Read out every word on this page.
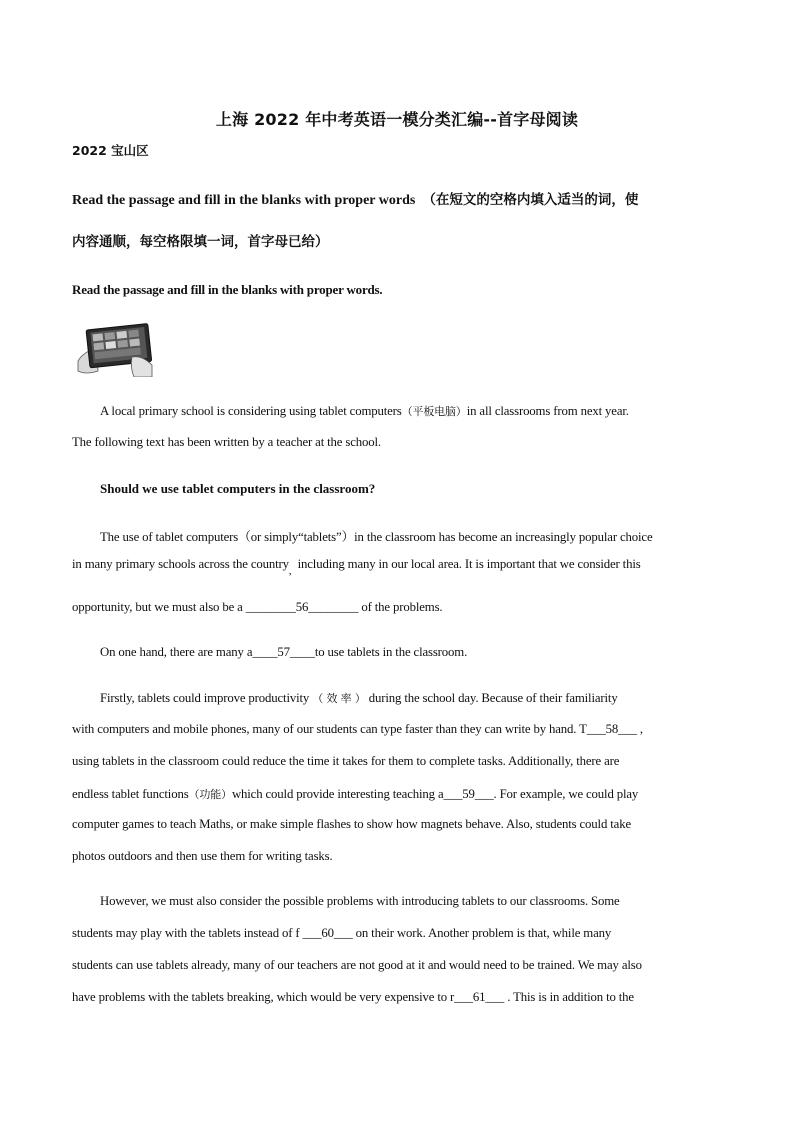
上海 2022 年中考英语一模分类汇编--首字母阅读
2022 宝山区
Read the passage and fill in the blanks with proper words （在短文的空格内填入适当的词，使
内容通顺，每空格限填一词，首字母已给）
Read the passage and fill in the blanks with proper words.
A local primary school is considering using tablet computers（平板电脑）in all classrooms from next year.
The following text has been written by a teacher at the school.
Should we use tablet computers in the classroom?
The use of tablet computers（or simply“tablets”）in the classroom has become an increasingly popular choice
in many primary schools across the country, including many in our local area. It is important that we consider this
opportunity, but we must also be a ________56________ of the problems.
On one hand, there are many a____57____to use tablets in the classroom.
Firstly, tablets could improve productivity （ 效 率 ） during the school day. Because of their familiarity
with computers and mobile phones, many of our students can type faster than they can write by hand. T___58___ ,
using tablets in the classroom could reduce the time it takes for them to complete tasks. Additionally, there are
endless tablet functions（功能）which could provide interesting teaching a___59___. For example, we could play
computer games to teach Maths, or make simple flashes to show how magnets behave. Also, students could take
photos outdoors and then use them for writing tasks.
However, we must also consider the possible problems with introducing tablets to our classrooms. Some
students may play with the tablets instead of f ___60___ on their work. Another problem is that, while many
students can use tablets already, many of our teachers are not good at it and would need to be trained. We may also
have problems with the tablets breaking, which would be very expensive to r___61___ . This is in addition to the
